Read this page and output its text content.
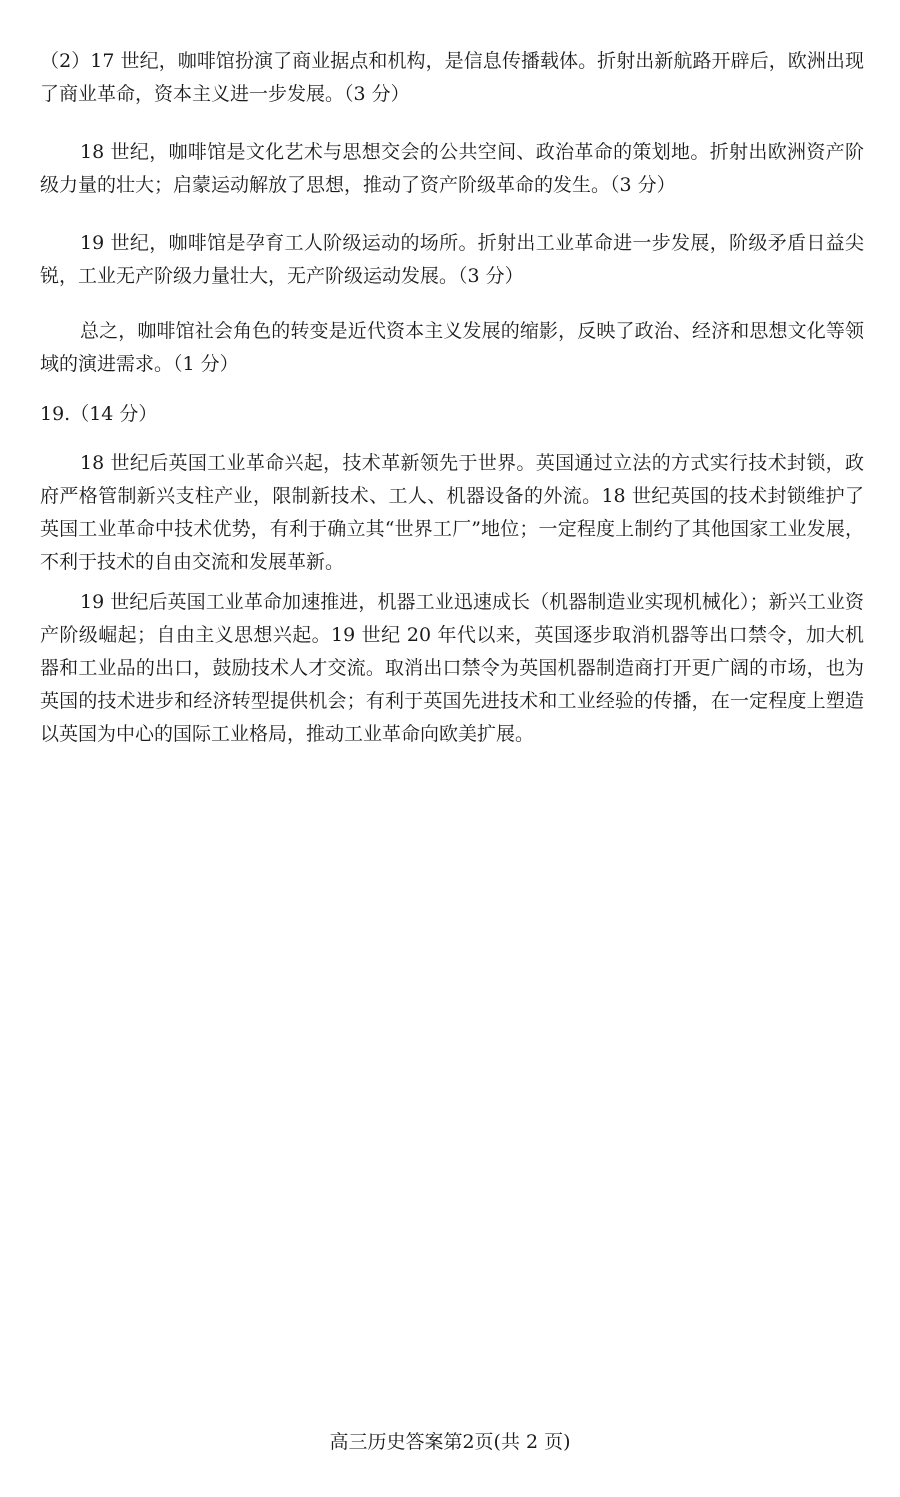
（2）17 世纪，咖啡馆扮演了商业据点和机构，是信息传播载体。折射出新航路开辟后，欧洲出现了商业革命，资本主义进一步发展。（3 分）

18 世纪，咖啡馆是文化艺术与思想交会的公共空间、政治革命的策划地。折射出欧洲资产阶级力量的壮大；启蒙运动解放了思想，推动了资产阶级革命的发生。（3 分）

19 世纪，咖啡馆是孕育工人阶级运动的场所。折射出工业革命进一步发展，阶级矛盾日益尖锐，工业无产阶级力量壮大，无产阶级运动发展。（3 分）

总之，咖啡馆社会角色的转变是近代资本主义发展的缩影，反映了政治、经济和思想文化等领域的演进需求。（1 分）

19.（14 分）

18 世纪后英国工业革命兴起，技术革新领先于世界。英国通过立法的方式实行技术封锁，政府严格管制新兴支柱产业，限制新技术、工人、机器设备的外流。18 世纪英国的技术封锁维护了英国工业革命中技术优势，有利于确立其“世界工厂”地位；一定程度上制约了其他国家工业发展，不利于技术的自由交流和发展革新。

19 世纪后英国工业革命加速推进，机器工业迅速成长（机器制造业实现机械化）；新兴工业资产阶级崛起；自由主义思想兴起。19 世纪 20 年代以来，英国逐步取消机器等出口禁令，加大机器和工业品的出口，鼓励技术人才交流。取消出口禁令为英国机器制造商打开更广阔的市场，也为英国的技术进步和经济转型提供机会；有利于英国先进技术和工业经验的传播，在一定程度上塑造以英国为中心的国际工业格局，推动工业革命向欧美扩展。

高三历史答案第2页(共 2 页)
